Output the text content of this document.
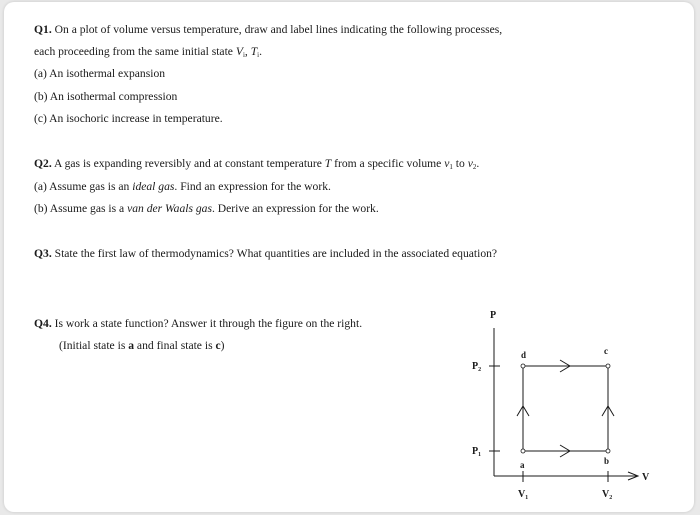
Q1. On a plot of volume versus temperature, draw and label lines indicating the following processes,
each proceeding from the same initial state $V_i$, $T_i$.
(a) An isothermal expansion
(b) An isothermal compression
(c) An isochoric increase in temperature.
Q2. A gas is expanding reversibly and at constant temperature T from a specific volume $v_1$ to $v_2$.
(a) Assume gas is an ideal gas. Find an expression for the work.
(b) Assume gas is a van der Waals gas. Derive an expression for the work.
Q3. State the first law of thermodynamics? What quantities are included in the associated equation?
Q4. Is work a state function? Answer it through the figure on the right.
(Initial state is a and final state is c)
P
V
P₂
P₁
V₁	V₂
a
d	c
b
